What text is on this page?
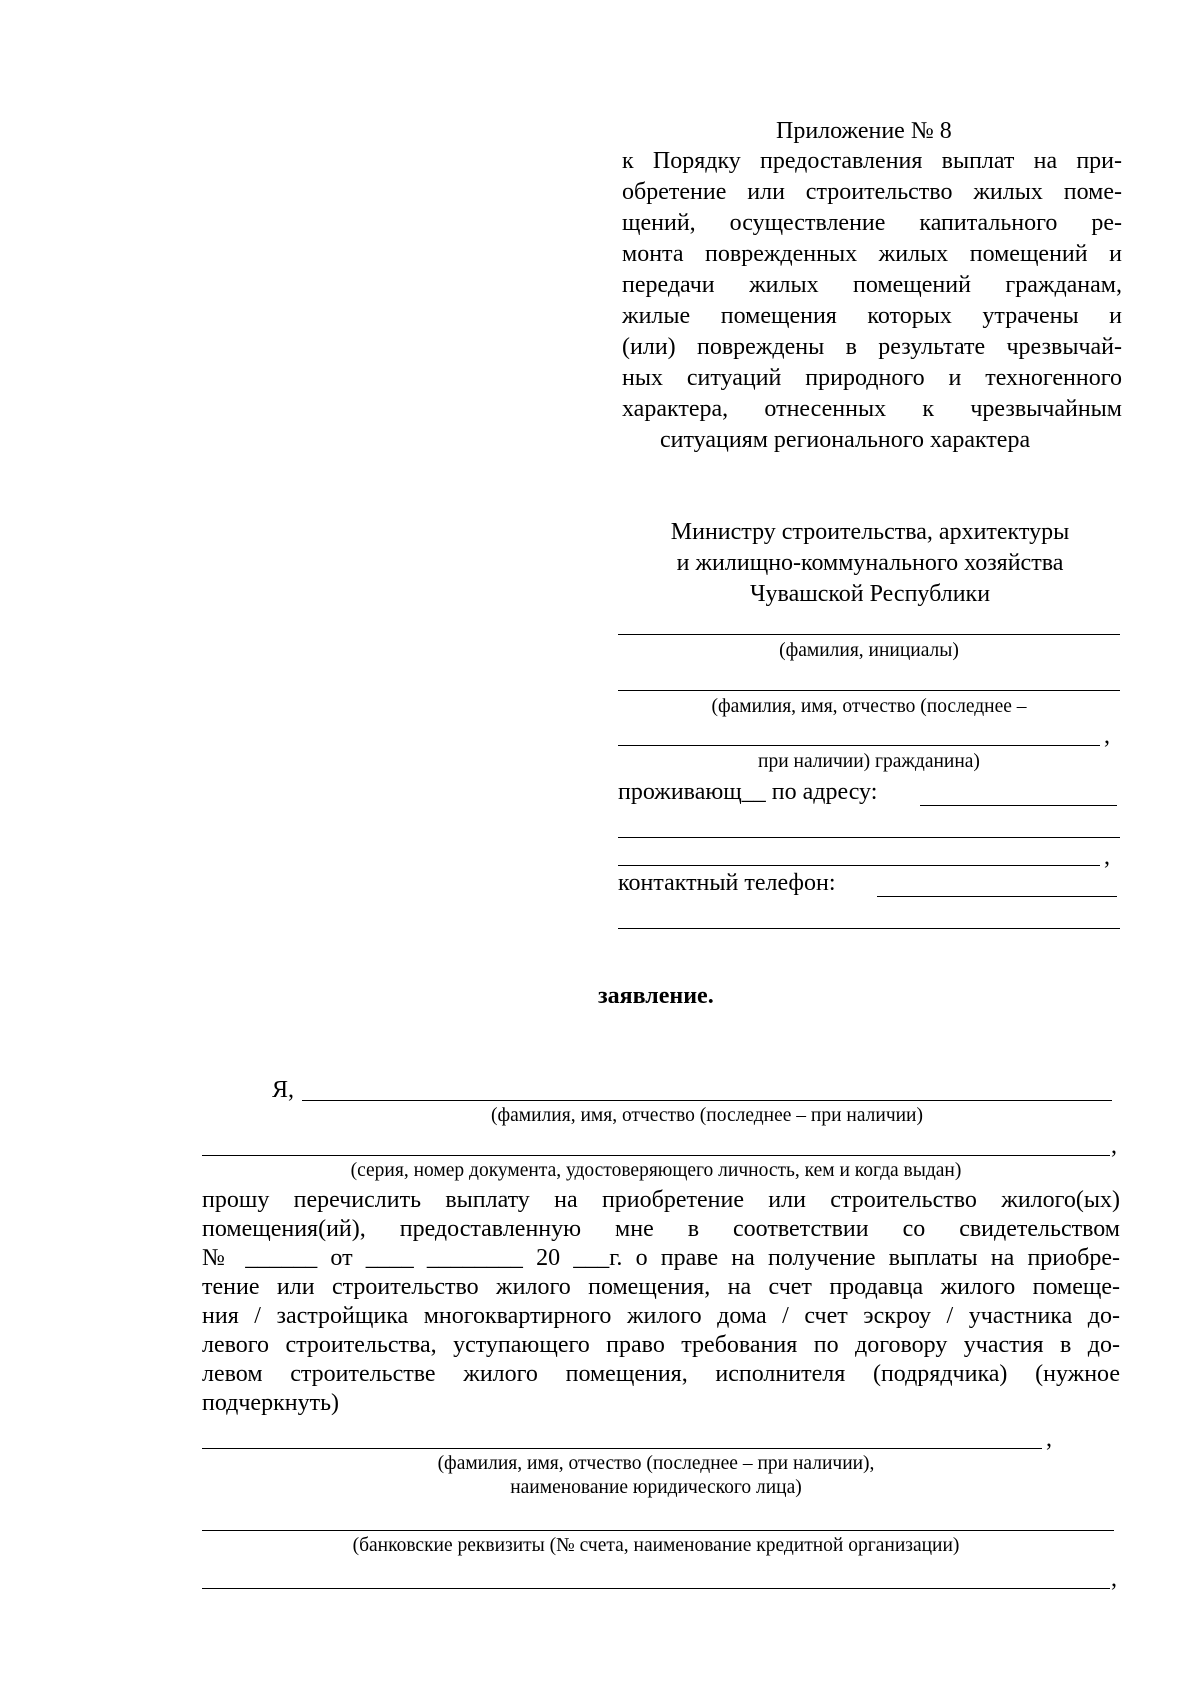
Приложение № 8
к Порядку предоставления выплат на при-
обретение или строительство жилых поме-
щений, осуществление капитального ре-
монта поврежденных жилых помещений и
передачи жилых помещений гражданам,
жилые помещения которых утрачены и
(или) повреждены в результате чрезвычай-
ных ситуаций природного и техногенного
характера, отнесенных к чрезвычайным
ситуациям регионального характера
Министру строительства, архитектуры
и жилищно-коммунального хозяйства
Чувашской Республики
(фамилия, инициалы)
(фамилия, имя, отчество (последнее –
,
при наличии) гражданина)
проживающ__ по адресу:
,
контактный телефон:
заявление.
Я,
(фамилия, имя, отчество (последнее – при наличии)
,
(серия, номер документа, удостоверяющего личность, кем и когда выдан)
прошу перечислить выплату на приобретение или строительство жилого(ых)
помещения(ий), предоставленную мне в соответствии со свидетельством
№ ______ от ____ ________ 20 ___г. о праве на получение выплаты на приобре-
тение или строительство жилого помещения, на счет продавца жилого помеще-
ния / застройщика многоквартирного жилого дома / счет эскроу / участника до-
левого строительства, уступающего право требования по договору участия в до-
левом строительстве жилого помещения, исполнителя (подрядчика) (нужное
подчеркнуть)
,
(фамилия, имя, отчество (последнее – при наличии),
наименование юридического лица)
(банковские реквизиты (№ счета, наименование кредитной организации)
,
